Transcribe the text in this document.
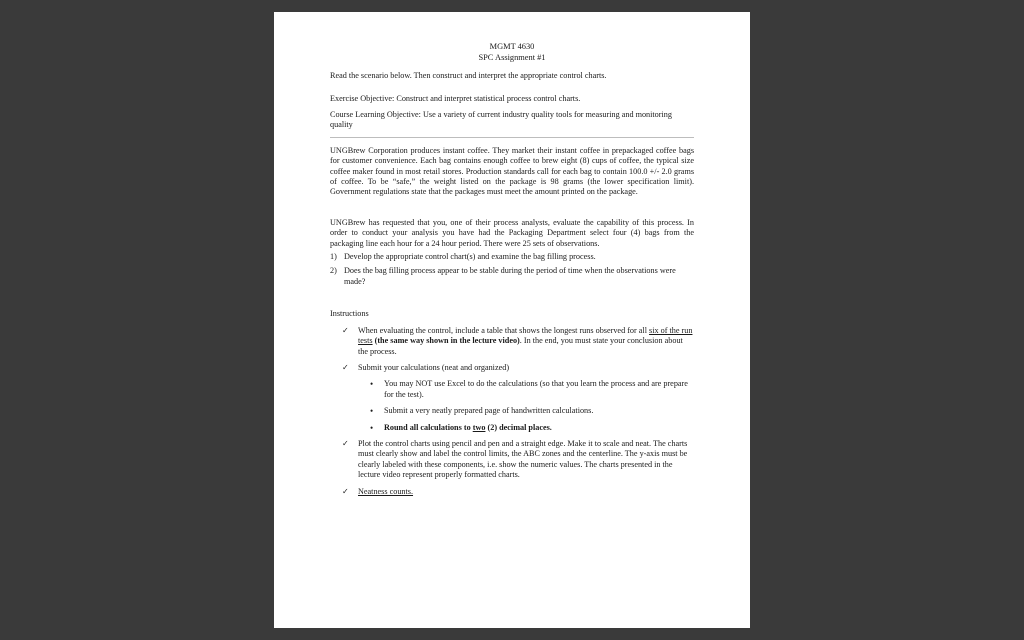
MGMT 4630

SPC Assignment #1

Read the scenario below. Then construct and interpret the appropriate control charts.

Exercise Objective: Construct and interpret statistical process control charts.

Course Learning Objective: Use a variety of current industry quality tools for measuring and monitoring quality

UNGBrew Corporation produces instant coffee. They market their instant coffee in prepackaged coffee bags for customer convenience. Each bag contains enough coffee to brew eight (8) cups of coffee, the typical size coffee maker found in most retail stores. Production standards call for each bag to contain 100.0 +/- 2.0 grams of coffee. To be “safe,” the weight listed on the package is 98 grams (the lower specification limit). Government regulations state that the packages must meet the amount printed on the package.

UNGBrew has requested that you, one of their process analysts, evaluate the capability of this process. In order to conduct your analysis you have had the Packaging Department select four (4) bags from the packaging line each hour for a 24 hour period. There were 25 sets of observations.

1) Develop the appropriate control chart(s) and examine the bag filling process.
2) Does the bag filling process appear to be stable during the period of time when the observations were made?

Instructions

✓	When evaluating the control, include a table that shows the longest runs observed for all six of the run tests (the same way shown in the lecture video). In the end, you must state your conclusion about the process.
✓	Submit your calculations (neat and organized)
•	You may NOT use Excel to do the calculations (so that you learn the process and are prepare for the test).
•	Submit a very neatly prepared page of handwritten calculations.
•	Round all calculations to two (2) decimal places.
✓	Plot the control charts using pencil and pen and a straight edge. Make it to scale and neat. The charts must clearly show and label the control limits, the ABC zones and the centerline. The y-axis must be clearly labeled with these components, i.e. show the numeric values. The charts presented in the lecture video represent properly formatted charts.
✓	Neatness counts.
